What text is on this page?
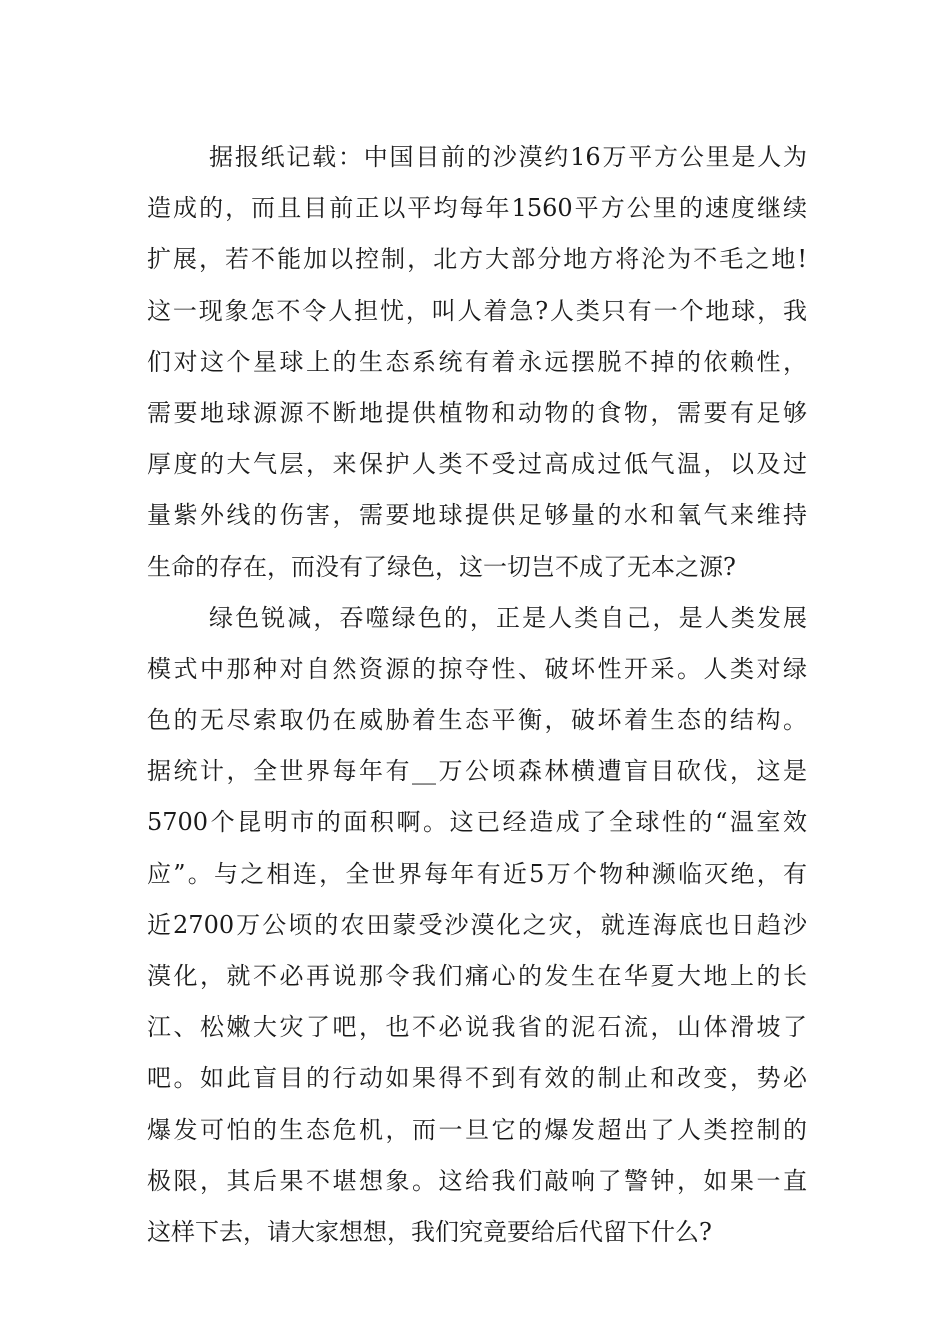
据报纸记载：中国目前的沙漠约16万平方公里是人为
造成的，而且目前正以平均每年1560平方公里的速度继续
扩展，若不能加以控制，北方大部分地方将沦为不毛之地!
这一现象怎不令人担忧，叫人着急?人类只有一个地球，我
们对这个星球上的生态系统有着永远摆脱不掉的依赖性，
需要地球源源不断地提供植物和动物的食物，需要有足够
厚度的大气层，来保护人类不受过高成过低气温，以及过
量紫外线的伤害，需要地球提供足够量的水和氧气来维持
生命的存在，而没有了绿色，这一切岂不成了无本之源?
绿色锐减，吞噬绿色的，正是人类自己，是人类发展
模式中那种对自然资源的掠夺性、破坏性开采。人类对绿
色的无尽索取仍在威胁着生态平衡，破坏着生态的结构。
据统计，全世界每年有__万公顷森林横遭盲目砍伐，这是
5700个昆明市的面积啊。这已经造成了全球性的“温室效
应”。与之相连，全世界每年有近5万个物种濒临灭绝，有
近2700万公顷的农田蒙受沙漠化之灾，就连海底也日趋沙
漠化，就不必再说那令我们痛心的发生在华夏大地上的长
江、松嫩大灾了吧，也不必说我省的泥石流，山体滑坡了
吧。如此盲目的行动如果得不到有效的制止和改变，势必
爆发可怕的生态危机，而一旦它的爆发超出了人类控制的
极限，其后果不堪想象。这给我们敲响了警钟，如果一直
这样下去，请大家想想，我们究竟要给后代留下什么?
